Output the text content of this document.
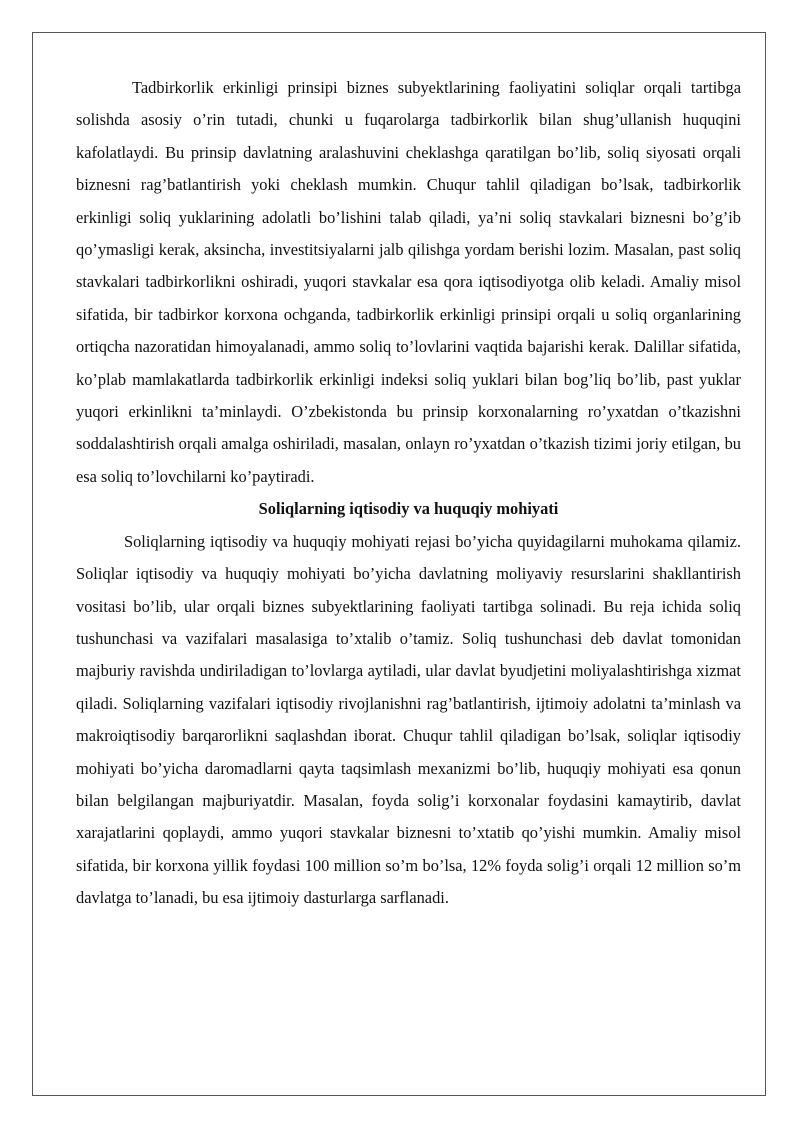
Tadbirkorlik erkinligi prinsipi biznes subyektlarining faoliyatini soliqlar orqali tartibga solishda asosiy o’rin tutadi, chunki u fuqarolarga tadbirkorlik bilan shug’ullanish huquqini kafolatlaydi. Bu prinsip davlatning aralashuvini cheklashga qaratilgan bo’lib, soliq siyosati orqali biznesni rag’batlantirish yoki cheklash mumkin. Chuqur tahlil qiladigan bo’lsak, tadbirkorlik erkinligi soliq yuklarining adolatli bo’lishini talab qiladi, ya’ni soliq stavkalari biznesni bo’g’ib qo’ymasligi kerak, aksincha, investitsiyalarni jalb qilishga yordam berishi lozim. Masalan, past soliq stavkalari tadbirkorlikni oshiradi, yuqori stavkalar esa qora iqtisodiyotga olib keladi. Amaliy misol sifatida, bir tadbirkor korxona ochganda, tadbirkorlik erkinligi prinsipi orqali u soliq organlarining ortiqcha nazoratidan himoyalanadi, ammo soliq to’lovlarini vaqtida bajarishi kerak. Dalillar sifatida, ko’plab mamlakatlarda tadbirkorlik erkinligi indeksi soliq yuklari bilan bog’liq bo’lib, past yuklar yuqori erkinlikni ta’minlaydi. O’zbekistonda bu prinsip korxonalarning ro’yxatdan o’tkazishni soddalashtirish orqali amalga oshiriladi, masalan, onlayn ro’yxatdan o’tkazish tizimi joriy etilgan, bu esa soliq to’lovchilarni ko’paytiradi.

Soliqlarning iqtisodiy va huquqiy mohiyati

Soliqlarning iqtisodiy va huquqiy mohiyati rejasi bo’yicha quyidagilarni muhokama qilamiz. Soliqlar iqtisodiy va huquqiy mohiyati bo’yicha davlatning moliyaviy resurslarini shakllantirish vositasi bo’lib, ular orqali biznes subyektlarining faoliyati tartibga solinadi. Bu reja ichida soliq tushunchasi va vazifalari masalasiga to’xtalib o’tamiz. Soliq tushunchasi deb davlat tomonidan majburiy ravishda undiriladigan to’lovlarga aytiladi, ular davlat byudjetini moliyalashtirishga xizmat qiladi. Soliqlarning vazifalari iqtisodiy rivojlanishni rag’batlantirish, ijtimoiy adolatni ta’minlash va makroiqtisodiy barqarorlikni saqlashdan iborat. Chuqur tahlil qiladigan bo’lsak, soliqlar iqtisodiy mohiyati bo’yicha daromadlarni qayta taqsimlash mexanizmi bo’lib, huquqiy mohiyati esa qonun bilan belgilangan majburiyatdir. Masalan, foyda solig’i korxonalar foydasini kamaytirib, davlat xarajatlarini qoplaydi, ammo yuqori stavkalar biznesni to’xtatib qo’yishi mumkin. Amaliy misol sifatida, bir korxona yillik foydasi 100 million so’m bo’lsa, 12% foyda solig’i orqali 12 million so’m davlatga to’lanadi, bu esa ijtimoiy dasturlarga sarflanadi.
